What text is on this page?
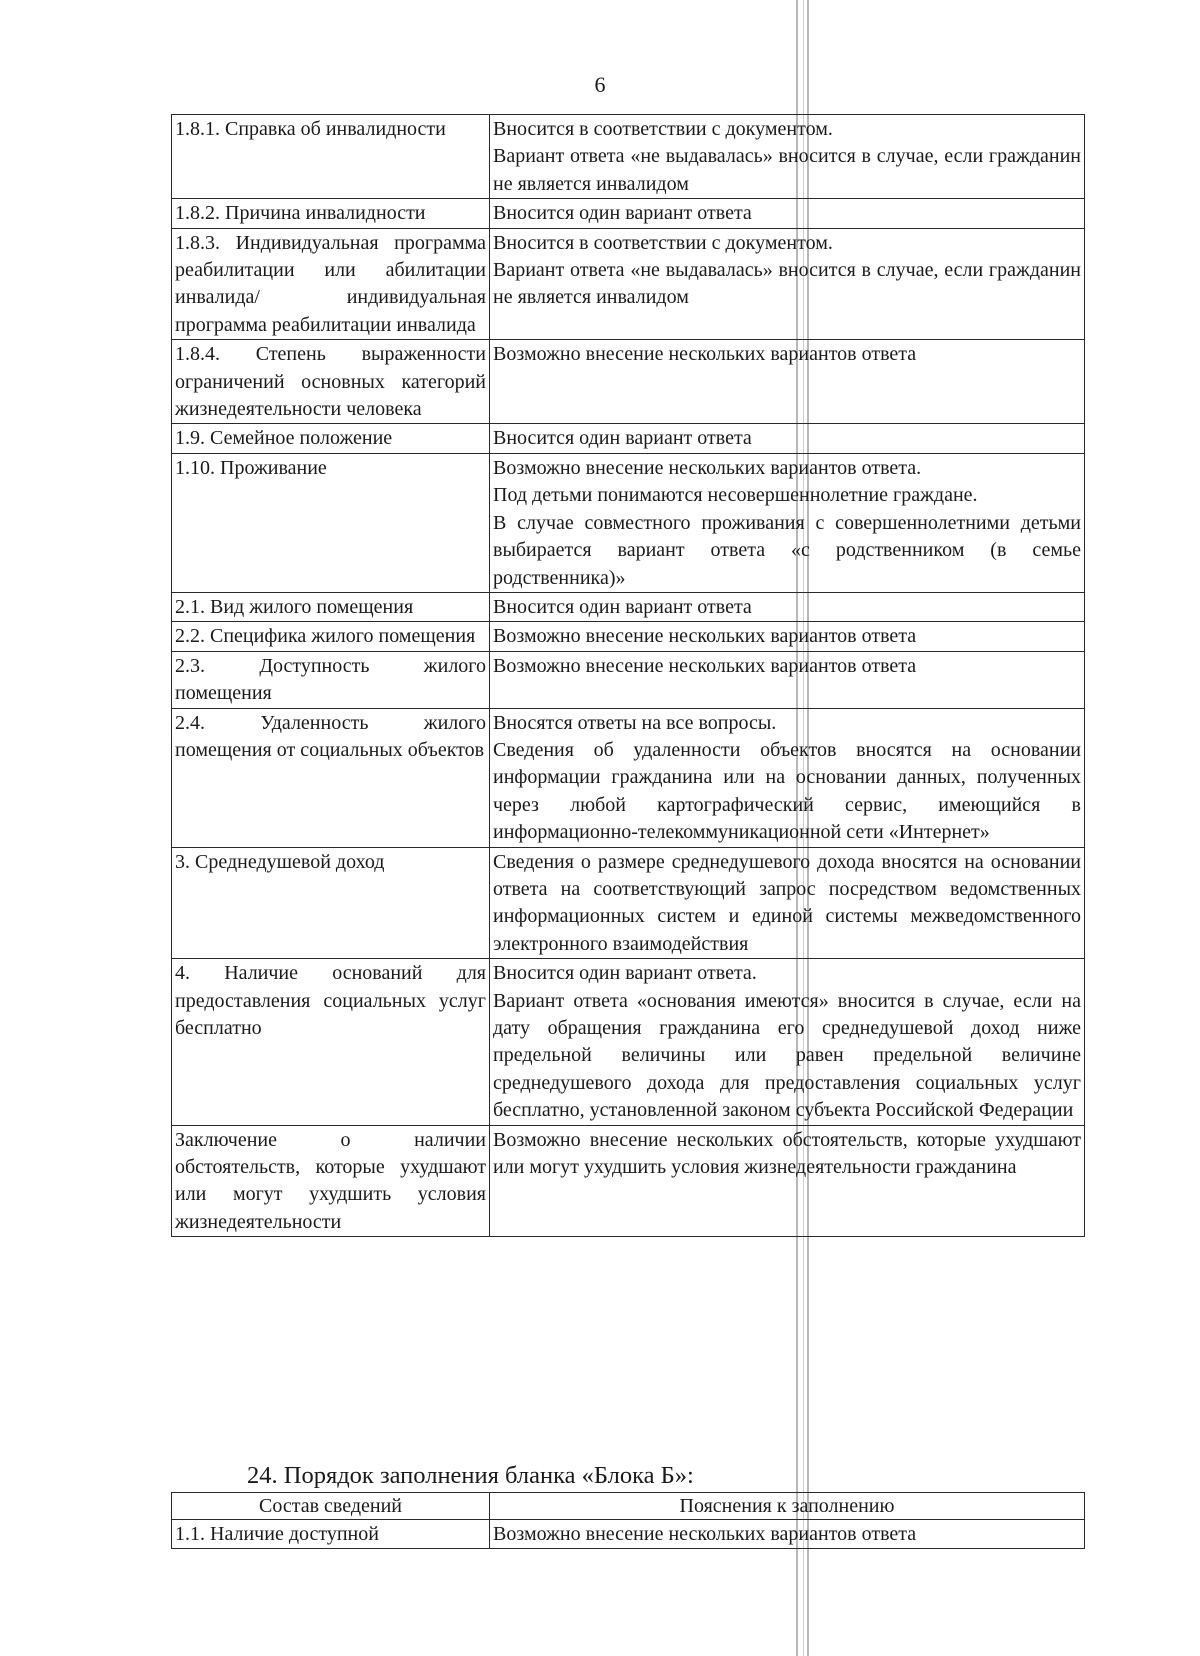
6
1.8.1. Справка об инвалидности	Вносится в соответствии с документом.
Вариант ответа «не выдавалась» вносится в случае, если гражданин не является инвалидом

1.8.2. Причина инвалидности	Вносится один вариант ответа

1.8.3. Индивидуальная программа реабилитации или абилитации инвалида/ индивидуальная программа реабилитации инвалида	Вносится в соответствии с документом.
Вариант ответа «не выдавалась» вносится в случае, если гражданин не является инвалидом

1.8.4. Степень выраженности ограничений основных категорий жизнедеятельности человека	Возможно внесение нескольких вариантов ответа

1.9. Семейное положение	Вносится один вариант ответа

1.10. Проживание	Возможно внесение нескольких вариантов ответа.
Под детьми понимаются несовершеннолетние граждане.
В случае совместного проживания с совершеннолетними детьми выбирается вариант ответа «с родственником (в семье родственника)»

2.1. Вид жилого помещения	Вносится один вариант ответа

2.2. Специфика жилого помещения	Возможно внесение нескольких вариантов ответа

2.3. Доступность жилого помещения	Возможно внесение нескольких вариантов ответа

2.4. Удаленность жилого помещения от социальных объектов	Вносятся ответы на все вопросы.
Сведения об удаленности объектов вносятся на основании информации гражданина или на основании данных, полученных через любой картографический сервис, имеющийся в информационно-телекоммуникационной сети «Интернет»

3. Среднедушевой доход	Сведения о размере среднедушевого дохода вносятся на основании ответа на соответствующий запрос посредством ведомственных информационных систем и единой системы межведомственного электронного взаимодействия

4. Наличие оснований для предоставления социальных услуг бесплатно	Вносится один вариант ответа.
Вариант ответа «основания имеются» вносится в случае, если на дату обращения гражданина его среднедушевой доход ниже предельной величины или равен предельной величине среднедушевого дохода для предоставления социальных услуг бесплатно, установленной законом субъекта Российской Федерации

Заключение о наличии обстоятельств, которые ухудшают или могут ухудшить условия жизнедеятельности	Возможно внесение нескольких обстоятельств, которые ухудшают или могут ухудшить условия жизнедеятельности гражданина
24. Порядок заполнения бланка «Блока Б»:
Состав сведений	Пояснения к заполнению
1.1. Наличие доступной	Возможно внесение нескольких вариантов ответа
